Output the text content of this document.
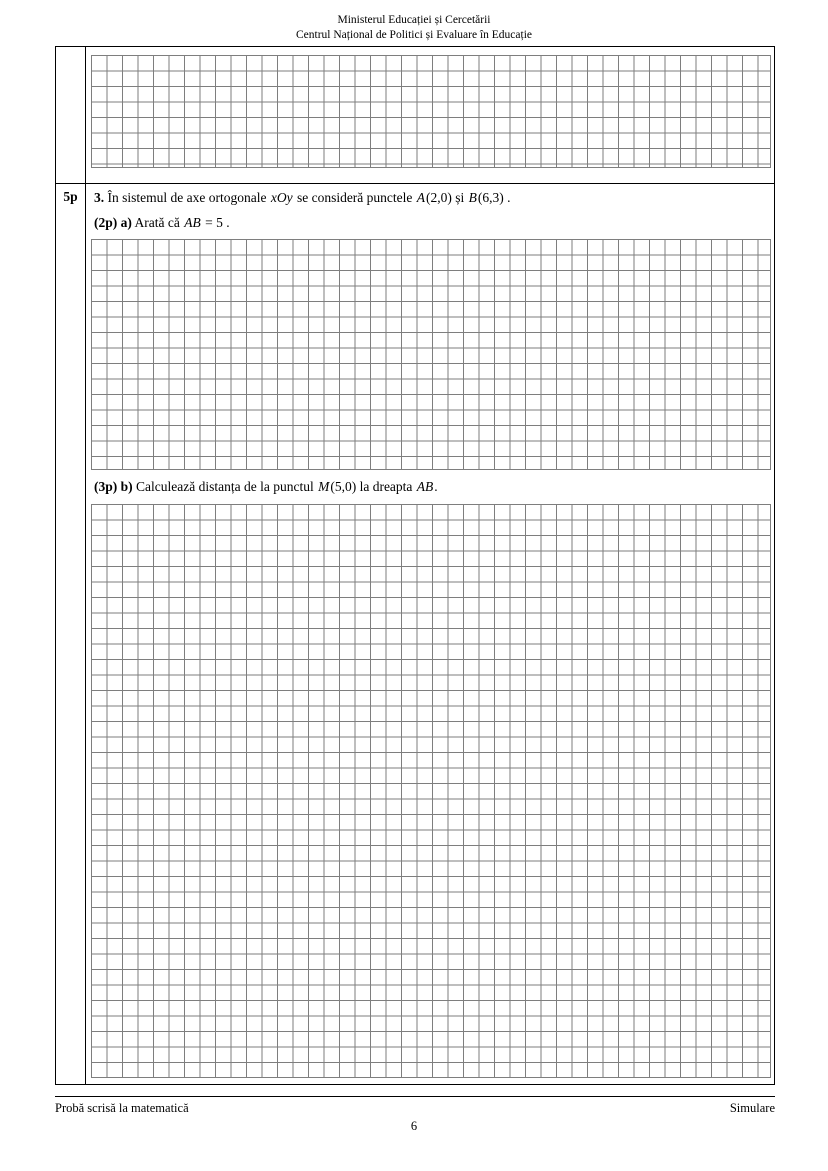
Ministerul Educației și Cercetării
Centrul Național de Politici și Evaluare în Educație
5p	3. În sistemul de axe ortogonale xOy se consideră punctele A(2,0) și B(6,3) .

(2p) a) Arată că AB = 5 .

(3p) b) Calculează distanța de la punctul M(5,0) la dreapta AB.

Probă scrisă la matematică	Simulare
6
